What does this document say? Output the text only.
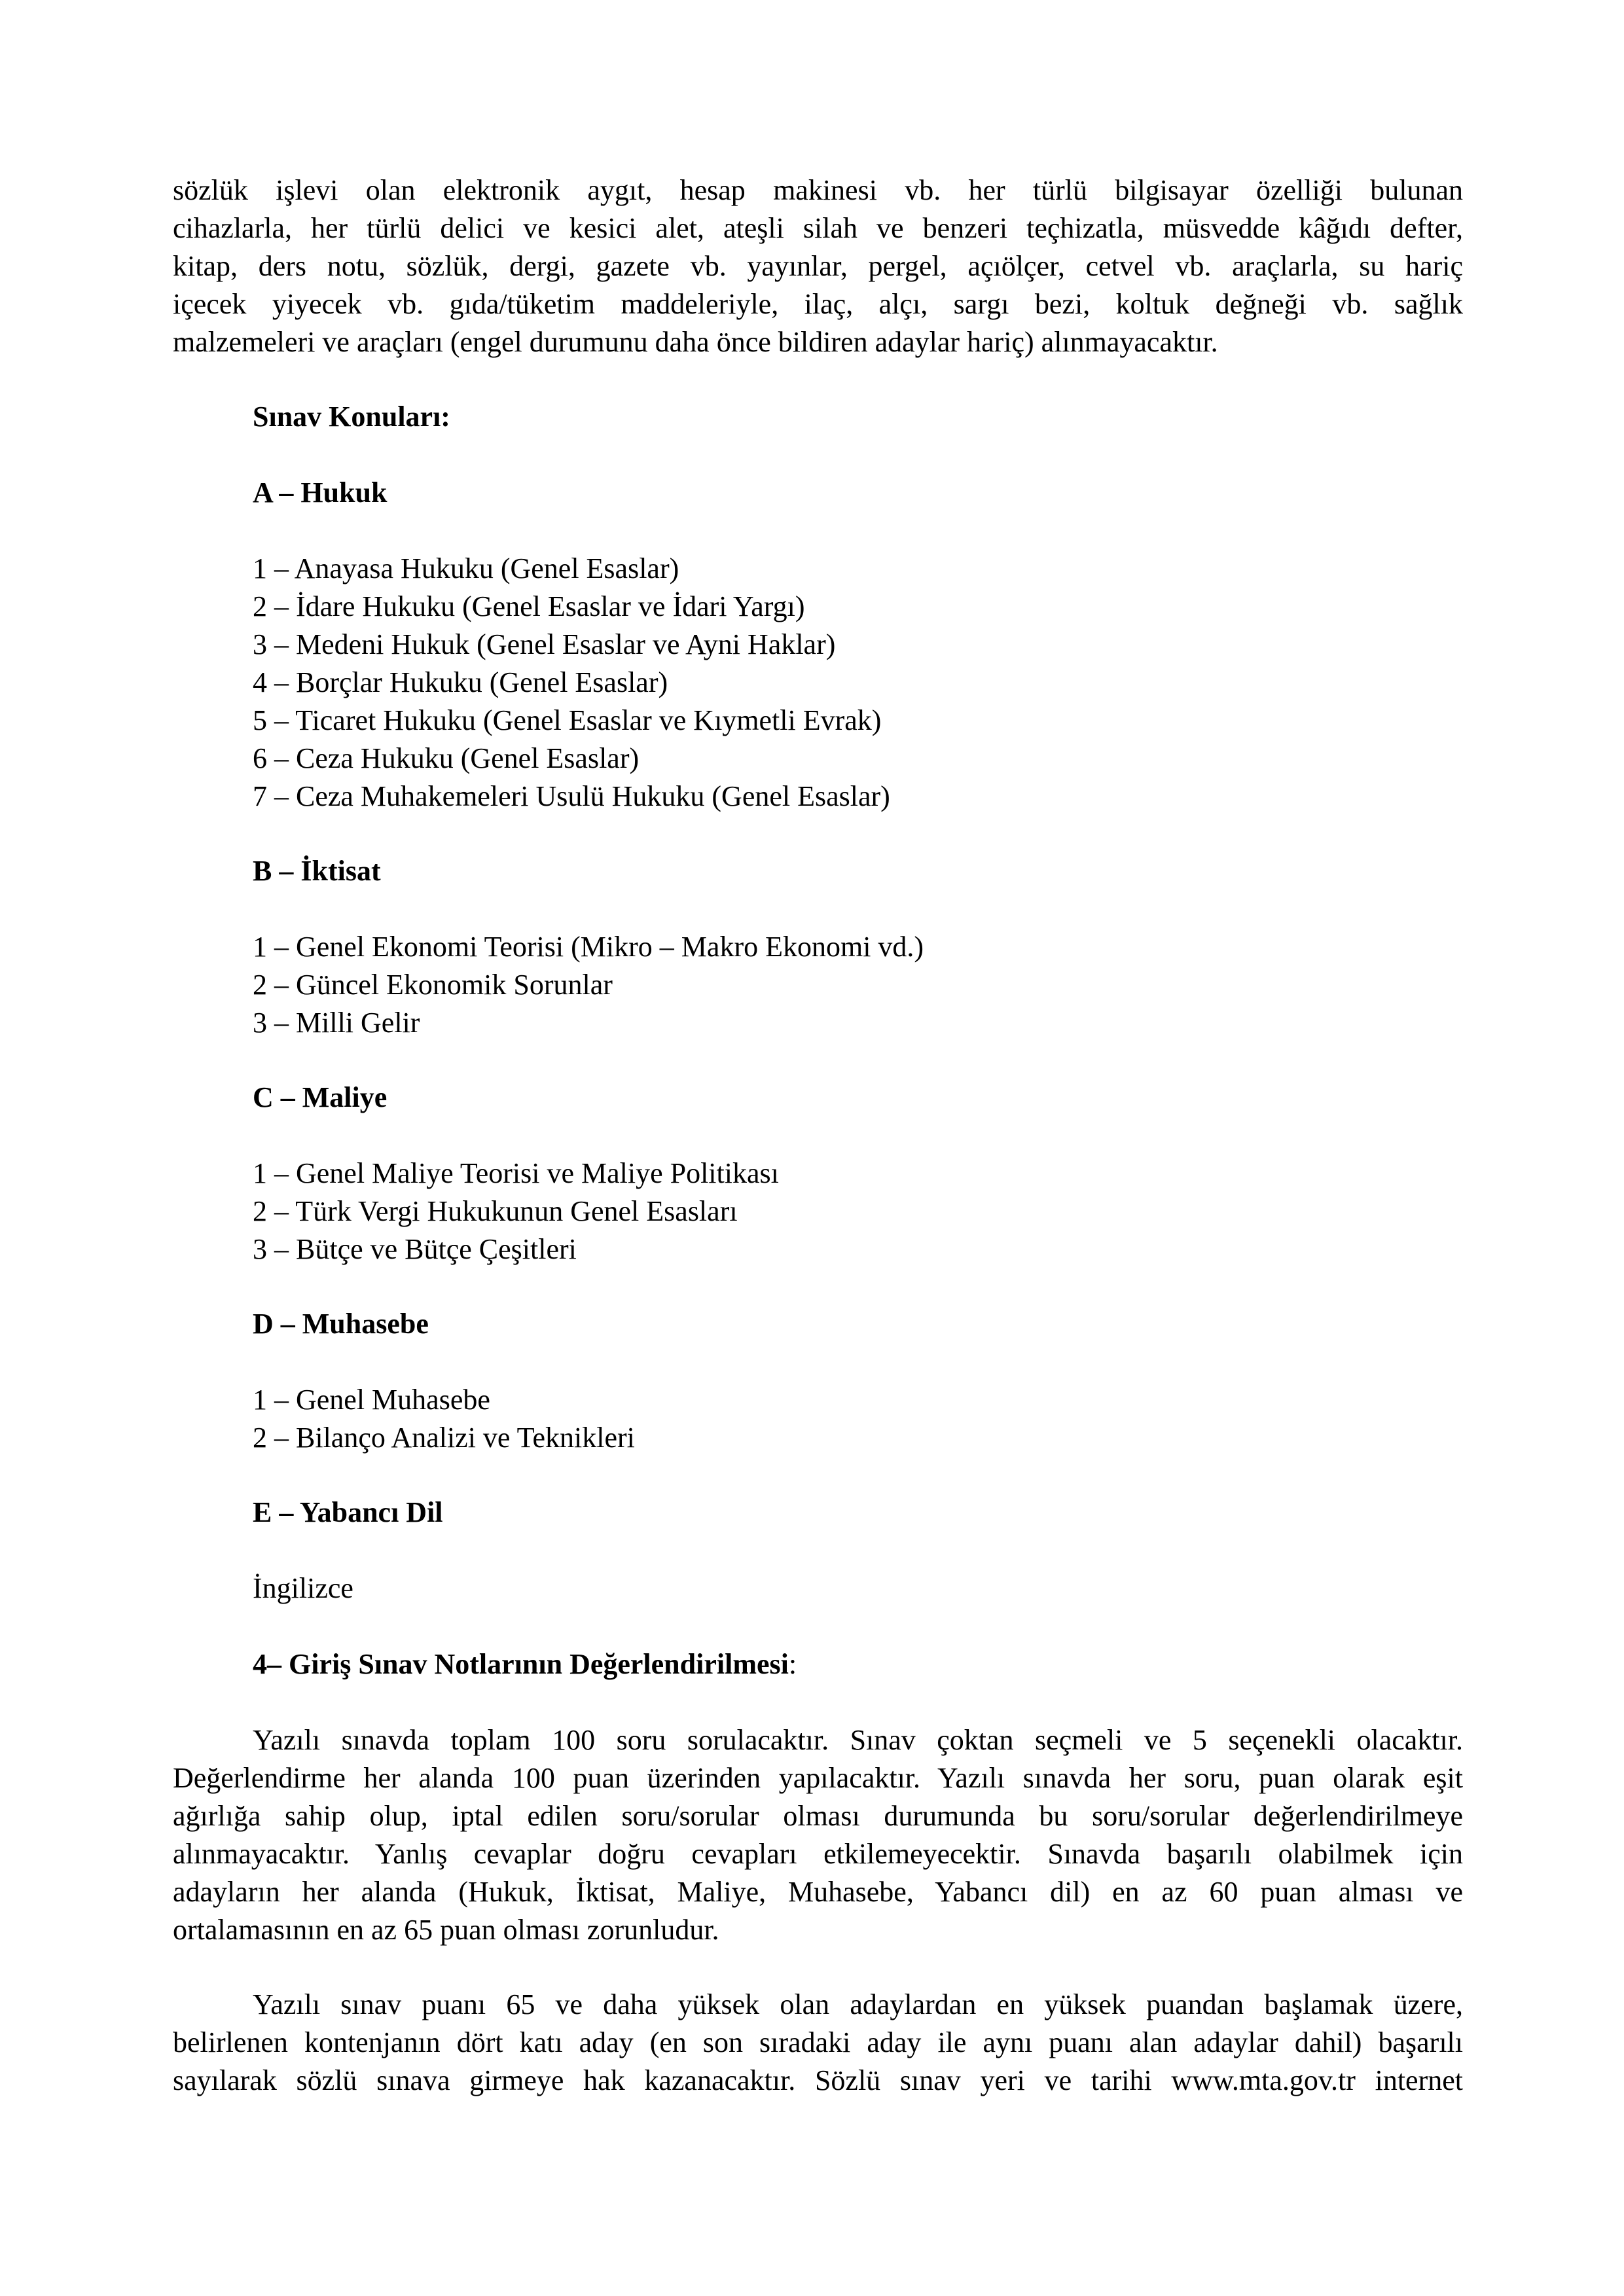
sözlük işlevi olan elektronik aygıt, hesap makinesi vb. her türlü bilgisayar özelliği bulunan
cihazlarla, her türlü delici ve kesici alet, ateşli silah ve benzeri teçhizatla, müsvedde kâğıdı defter,
kitap, ders notu, sözlük, dergi, gazete vb. yayınlar, pergel, açıölçer, cetvel vb. araçlarla, su hariç
içecek yiyecek vb. gıda/tüketim maddeleriyle, ilaç, alçı, sargı bezi, koltuk değneği vb. sağlık
malzemeleri ve araçları (engel durumunu daha önce bildiren adaylar hariç) alınmayacaktır.

Sınav Konuları:

A – Hukuk

1 – Anayasa Hukuku (Genel Esaslar)
2 – İdare Hukuku (Genel Esaslar ve İdari Yargı)
3 – Medeni Hukuk (Genel Esaslar ve Ayni Haklar)
4 – Borçlar Hukuku (Genel Esaslar)
5 – Ticaret Hukuku (Genel Esaslar ve Kıymetli Evrak)
6 – Ceza Hukuku (Genel Esaslar)
7 – Ceza Muhakemeleri Usulü Hukuku (Genel Esaslar)

B – İktisat

1 – Genel Ekonomi Teorisi (Mikro – Makro Ekonomi vd.)
2 – Güncel Ekonomik Sorunlar
3 – Milli Gelir

C – Maliye

1 – Genel Maliye Teorisi ve Maliye Politikası
2 – Türk Vergi Hukukunun Genel Esasları
3 – Bütçe ve Bütçe Çeşitleri

D – Muhasebe

1 – Genel Muhasebe
2 – Bilanço Analizi ve Teknikleri

E – Yabancı Dil

İngilizce

4– Giriş Sınav Notlarının Değerlendirilmesi:

Yazılı sınavda toplam 100 soru sorulacaktır. Sınav çoktan seçmeli ve 5 seçenekli olacaktır.
Değerlendirme her alanda 100 puan üzerinden yapılacaktır. Yazılı sınavda her soru, puan olarak eşit
ağırlığa sahip olup, iptal edilen soru/sorular olması durumunda bu soru/sorular değerlendirilmeye
alınmayacaktır. Yanlış cevaplar doğru cevapları etkilemeyecektir. Sınavda başarılı olabilmek için
adayların her alanda (Hukuk, İktisat, Maliye, Muhasebe, Yabancı dil) en az 60 puan alması ve
ortalamasının en az 65 puan olması zorunludur.
Yazılı sınav puanı 65 ve daha yüksek olan adaylardan en yüksek puandan başlamak üzere,
belirlenen kontenjanın dört katı aday (en son sıradaki aday ile aynı puanı alan adaylar dahil) başarılı
sayılarak sözlü sınava girmeye hak kazanacaktır. Sözlü sınav yeri ve tarihi www.mta.gov.tr internet
